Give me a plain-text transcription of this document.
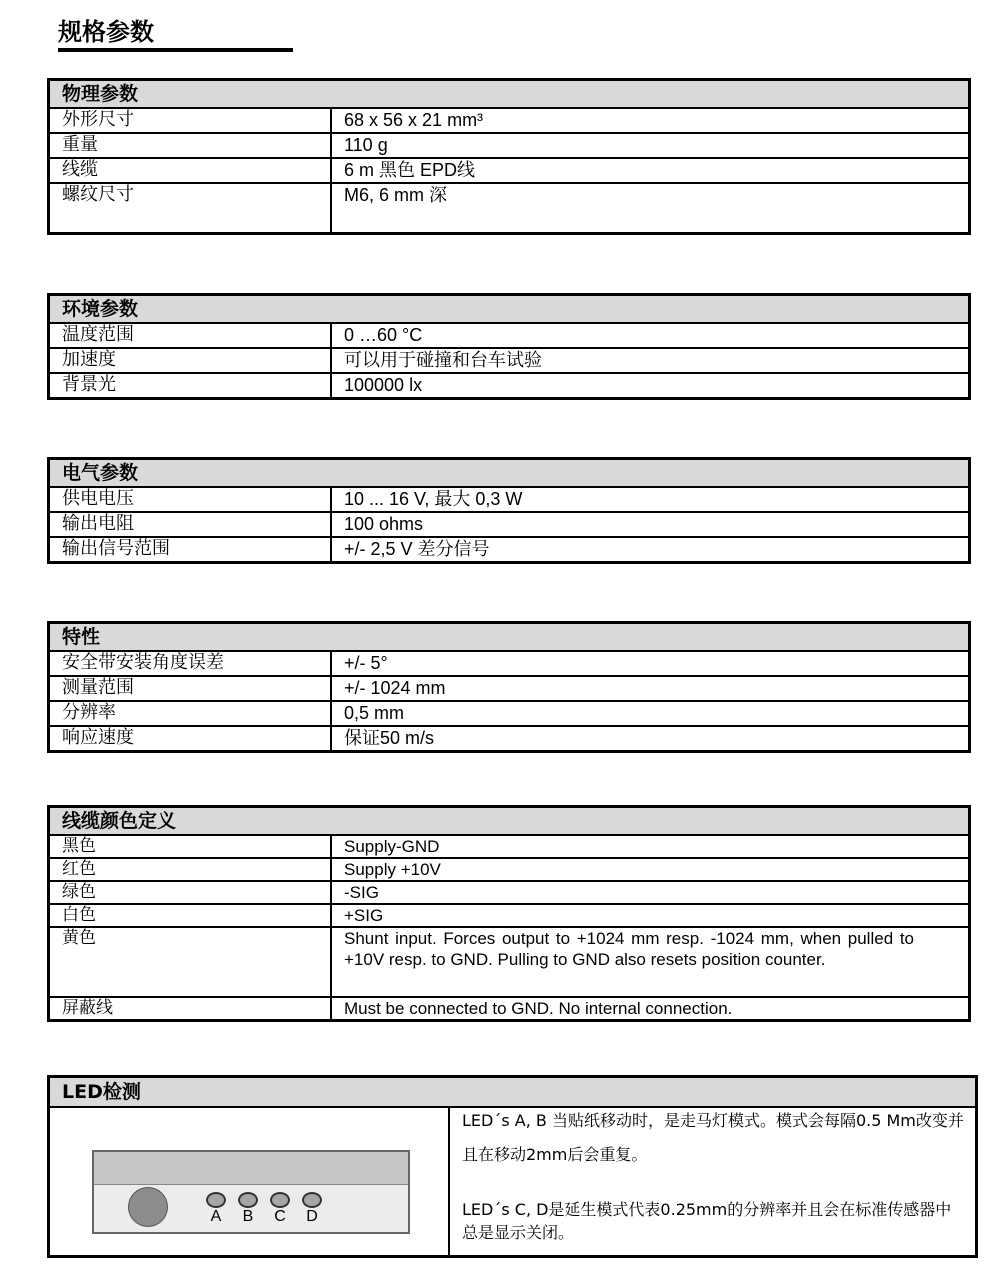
规格参数
物理参数	
外形尺寸	68 x 56 x 21 mm³
重量	110 g
线缆	6 m 黑色 EPD线
螺纹尺寸	M6, 6 mm 深
环境参数	
温度范围	0 …60 °C
加速度	可以用于碰撞和台车试验
背景光	100000 lx
电气参数	
供电电压	10 ... 16 V, 最大 0,3 W
输出电阻	100 ohms
输出信号范围	+/- 2,5 V 差分信号
特性	
安全带安装角度误差	+/- 5°
测量范围	+/- 1024 mm
分辨率	0,5 mm
响应速度	保证50 m/s
线缆颜色定义	
黑色	Supply-GND
红色	Supply +10V
绿色	-SIG
白色	+SIG
黄色	Shunt input. Forces output to +1024 mm resp. -1024 mm, when pulled to +10V resp. to GND. Pulling to GND also resets position counter.
屏蔽线	Must be connected to GND. No internal connection.
LED检测
A B C D

LED´s A, B 当贴纸移动时，是走马灯模式。模式会每隔0.5 Mm改变并且在移动2mm后会重复。

LED´s C, D是延生模式代表0.25mm的分辨率并且会在标准传感器中总是显示关闭。
